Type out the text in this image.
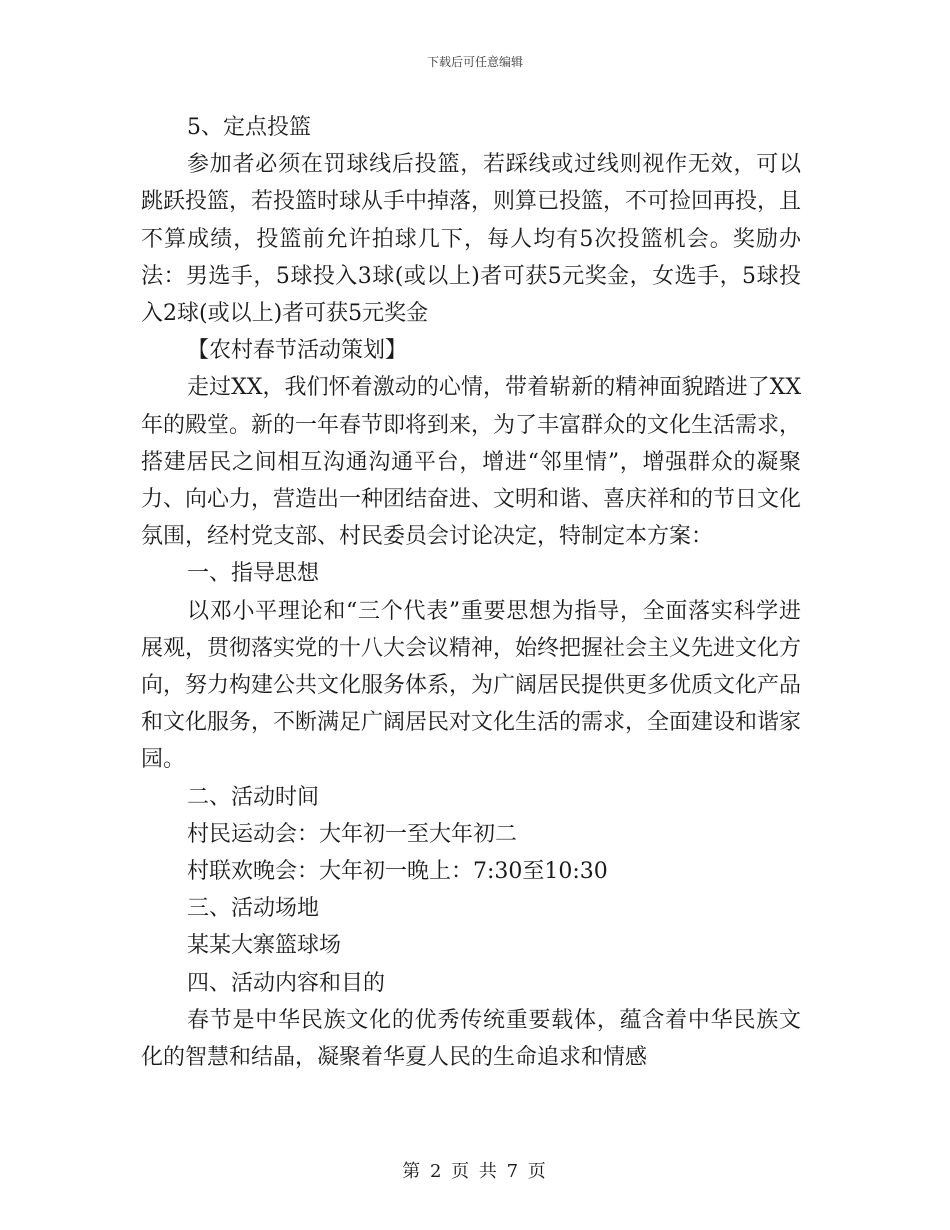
下载后可任意编辑

5、定点投篮

参加者必须在罚球线后投篮，若踩线或过线则视作无效，可以跳跃投篮，若投篮时球从手中掉落，则算已投篮，不可捡回再投，且不算成绩，投篮前允许拍球几下，每人均有5次投篮机会。奖励办法：男选手，5球投入3球(或以上)者可获5元奖金，女选手，5球投入2球(或以上)者可获5元奖金

【农村春节活动策划】

走过XX，我们怀着激动的心情，带着崭新的精神面貌踏进了XX年的殿堂。新的一年春节即将到来，为了丰富群众的文化生活需求，搭建居民之间相互沟通沟通平台，增进“邻里情”，增强群众的凝聚力、向心力，营造出一种团结奋进、文明和谐、喜庆祥和的节日文化氛围，经村党支部、村民委员会讨论决定，特制定本方案：

一、指导思想

以邓小平理论和“三个代表”重要思想为指导，全面落实科学进展观，贯彻落实党的十八大会议精神，始终把握社会主义先进文化方向，努力构建公共文化服务体系，为广阔居民提供更多优质文化产品和文化服务，不断满足广阔居民对文化生活的需求，全面建设和谐家园。

二、活动时间

村民运动会：大年初一至大年初二

村联欢晚会：大年初一晚上：7:30至10:30

三、活动场地

某某大寨篮球场

四、活动内容和目的

春节是中华民族文化的优秀传统重要载体，蕴含着中华民族文化的智慧和结晶，凝聚着华夏人民的生命追求和情感

第 2 页 共 7 页
